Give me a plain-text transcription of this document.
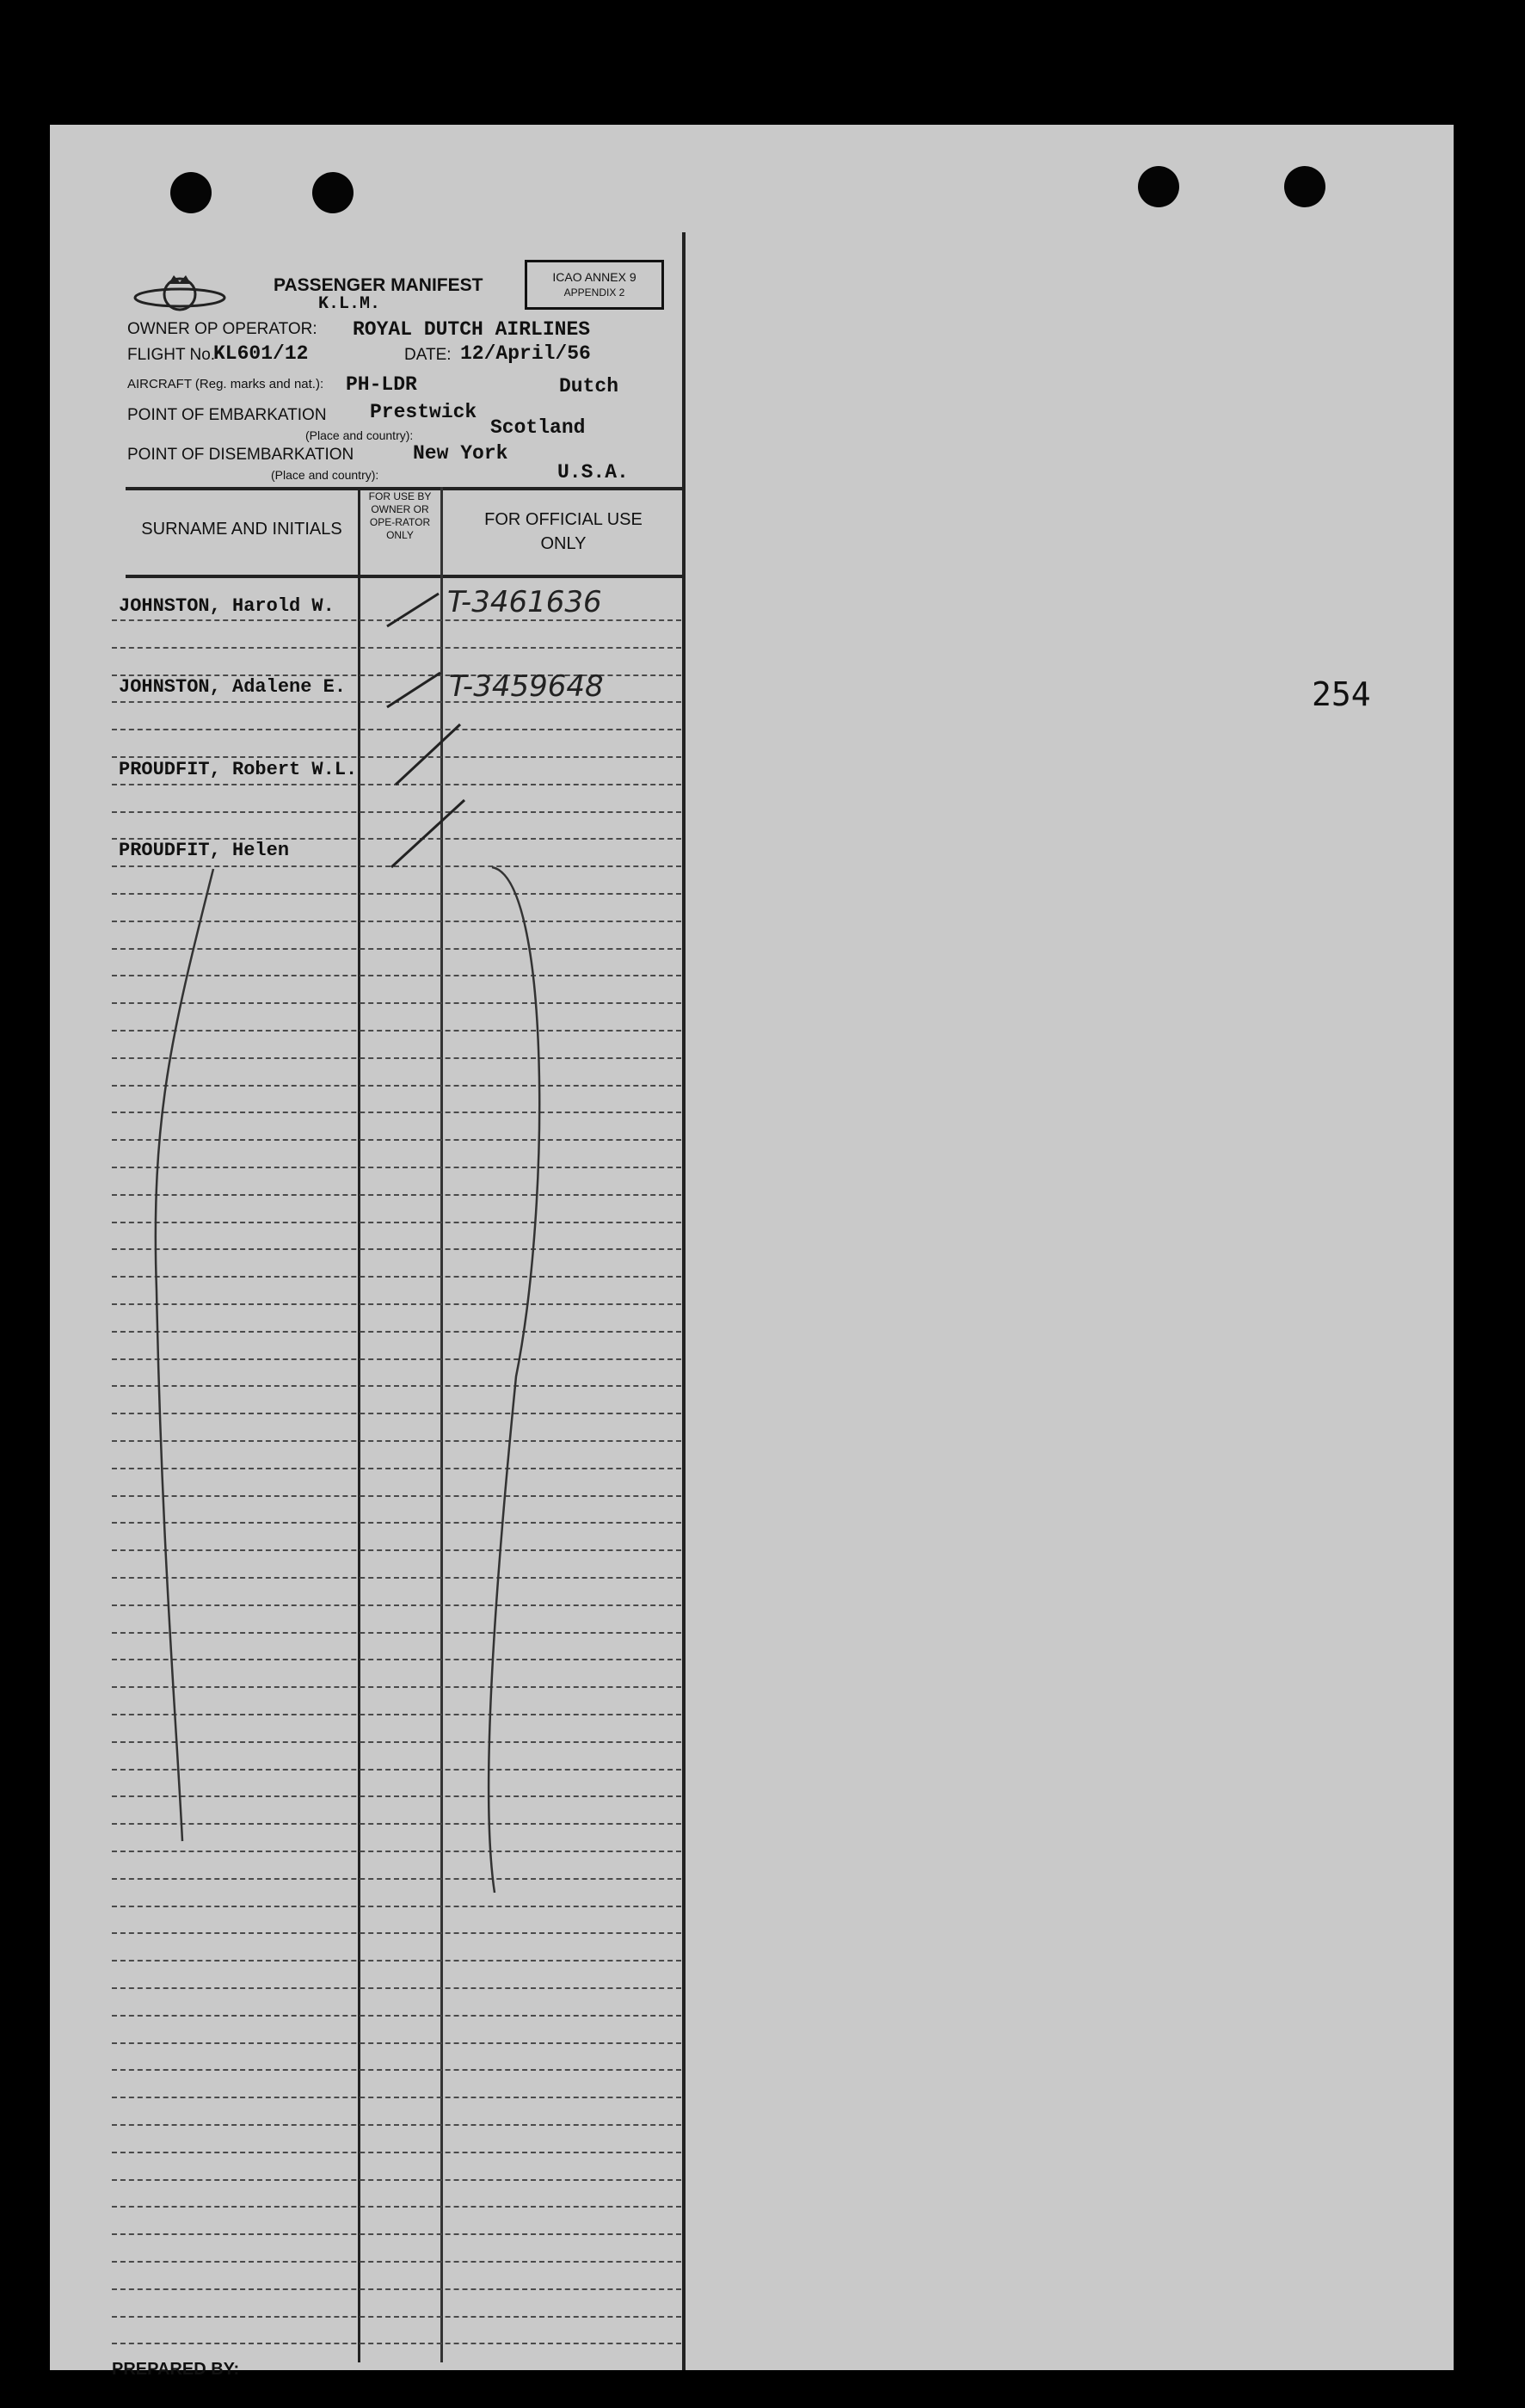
PASSENGER MANIFEST
K.L.M.
ICAO ANNEX 9
APPENDIX 2
OWNER OP OPERATOR: ROYAL DUTCH AIRLINES
FLIGHT No.
KL601/12	DATE: 12/April/56
AIRCRAFT (Reg. marks and nat.): PH-LDR	Dutch
POINT OF EMBARKATION Prestwick
(Place and country):	Scotland
POINT OF DISEMBARKATION	New York
(Place and country):	U.S.A.
SURNAME AND INITIALS
FOR USE BY OWNER OR OPE-RATOR ONLY
FOR OFFICIAL USE ONLY
JOHNSTON, Harold W.	T-3461636
JOHNSTON, Adalene E.	T-3459648
PROUDFIT, Robert W.L.
PROUDFIT, Helen
254
PREPARED BY:
